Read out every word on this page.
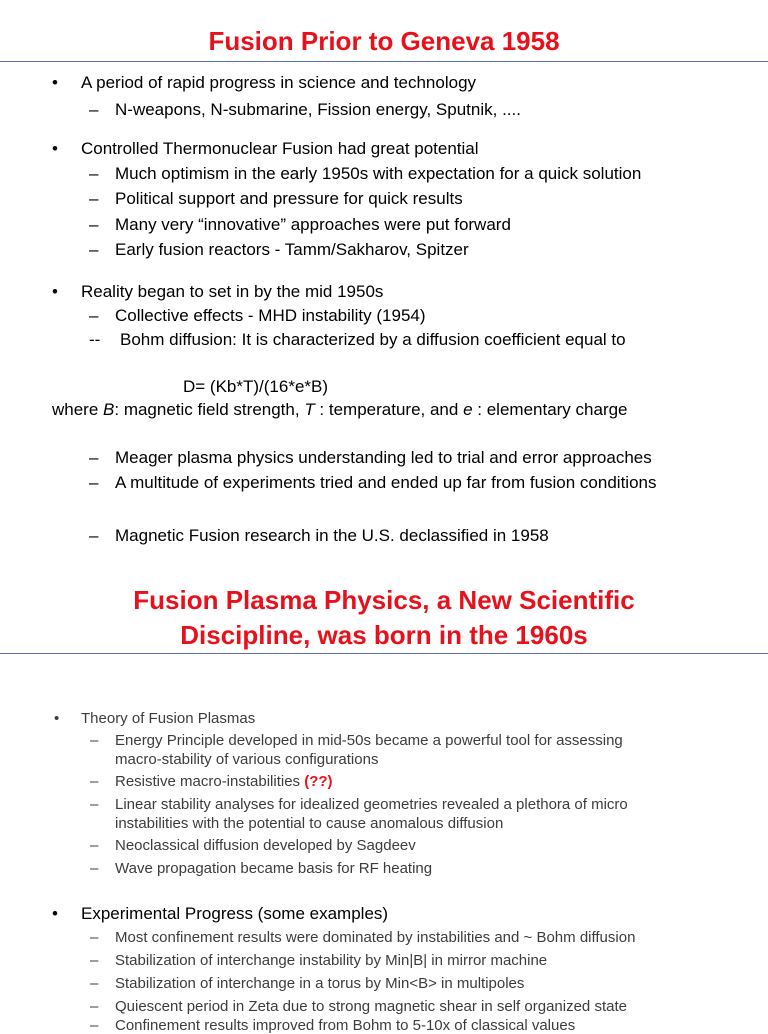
Fusion Prior to Geneva 1958
• A period of rapid progress in science and technology
– N-weapons, N-submarine, Fission energy, Sputnik, ....
• Controlled Thermonuclear Fusion had great potential
– Much optimism in the early 1950s with expectation for a quick solution
– Political support and pressure for quick results
– Many very “innovative” approaches were put forward
– Early fusion reactors - Tamm/Sakharov, Spitzer
• Reality began to set in by the mid 1950s
– Collective effects - MHD instability (1954)
-- Bohm diffusion: It is characterized by a diffusion coefficient equal to
D= (Kb*T)/(16*e*B)
where B: magnetic field strength, T : temperature, and e : elementary charge
– Meager plasma physics understanding led to trial and error approaches
– A multitude of experiments tried and ended up far from fusion conditions
– Magnetic Fusion research in the U.S. declassified in 1958
Fusion Plasma Physics, a New Scientific
Discipline, was born in the 1960s
• Theory of Fusion Plasmas
– Energy Principle developed in mid-50s became a powerful tool for assessing
macro-stability of various configurations
– Resistive macro-instabilities (??)
– Linear stability analyses for idealized geometries revealed a plethora of micro
instabilities with the potential to cause anomalous diffusion
– Neoclassical diffusion developed by Sagdeev
– Wave propagation became basis for RF heating
• Experimental Progress (some examples)
– Most confinement results were dominated by instabilities and ~ Bohm diffusion
– Stabilization of interchange instability by Min|B| in mirror machine
– Stabilization of interchange in a torus by Min<B> in multipoles
– Quiescent period in Zeta due to strong magnetic shear in self organized state
– Confinement results improved from Bohm to 5-10x of classical values
